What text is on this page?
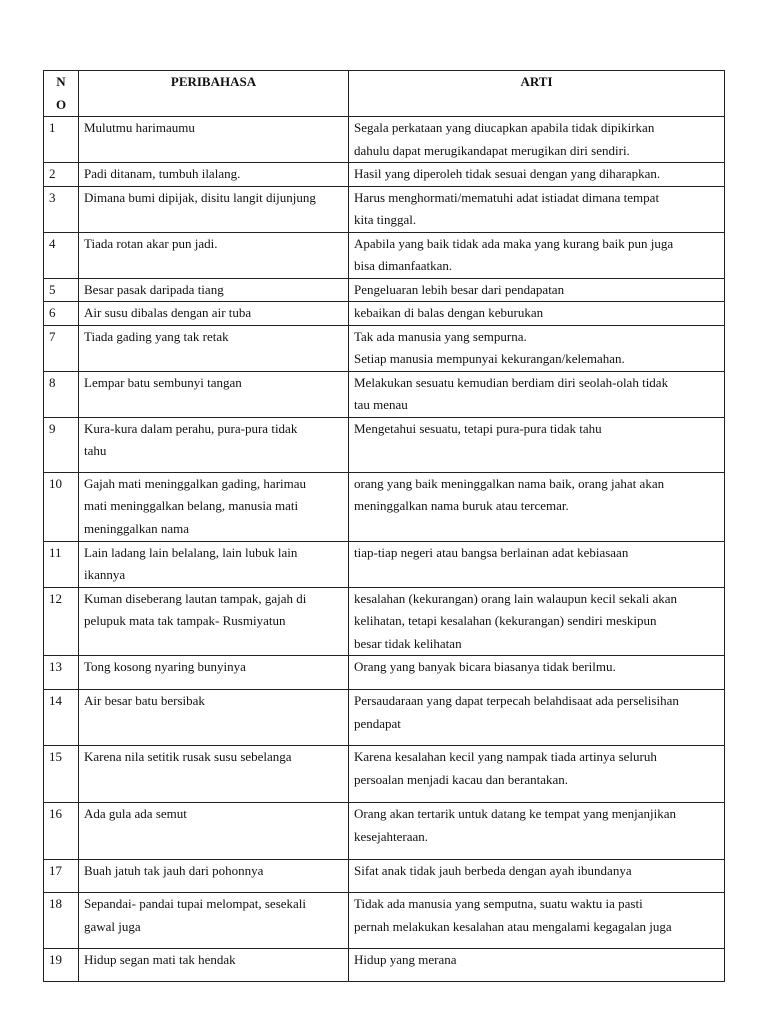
N
O	PERIBAHASA	ARTI
1	Mulutmu harimaumu	Segala perkataan yang diucapkan apabila tidak dipikirkan
dahulu dapat merugikandapat merugikan diri sendiri.

2	Padi ditanam, tumbuh ilalang.	Hasil yang diperoleh tidak sesuai dengan yang diharapkan.

3	Dimana bumi dipijak, disitu langit dijunjung	Harus menghormati/mematuhi adat istiadat dimana tempat
kita tinggal.

4	Tiada rotan akar pun jadi.	Apabila yang baik tidak ada maka yang kurang baik pun juga
bisa dimanfaatkan.

5	Besar pasak daripada tiang	Pengeluaran lebih besar dari pendapatan

6	Air susu dibalas dengan air tuba	kebaikan di balas dengan keburukan

7	Tiada gading yang tak retak	Tak ada manusia yang sempurna.
Setiap manusia mempunyai kekurangan/kelemahan.

8	Lempar batu sembunyi tangan	Melakukan sesuatu kemudian berdiam diri seolah-olah tidak
tau menau

9	Kura-kura dalam perahu, pura-pura tidak
tahu	Mengetahui sesuatu, tetapi pura-pura tidak tahu

10	Gajah mati meninggalkan gading, harimau
mati meninggalkan belang, manusia mati
meninggalkan nama	orang yang baik meninggalkan nama baik, orang jahat akan
meninggalkan nama buruk atau tercemar.

11	Lain ladang lain belalang, lain lubuk lain
ikannya	tiap-tiap negeri atau bangsa berlainan adat kebiasaan

12	Kuman diseberang lautan tampak, gajah di
pelupuk mata tak tampak- Rusmiyatun	kesalahan (kekurangan) orang lain walaupun kecil sekali akan
kelihatan, tetapi kesalahan (kekurangan) sendiri meskipun
besar tidak kelihatan

13	Tong kosong nyaring bunyinya	Orang yang banyak bicara biasanya tidak berilmu.

14	Air besar batu bersibak	Persaudaraan yang dapat terpecah belahdisaat ada perselisihan
pendapat

15	Karena nila setitik rusak susu sebelanga	Karena kesalahan kecil yang nampak tiada artinya seluruh
persoalan menjadi kacau dan berantakan.

16	Ada gula ada semut	Orang akan tertarik untuk datang ke tempat yang menjanjikan
kesejahteraan.

17	Buah jatuh tak jauh dari pohonnya	Sifat anak tidak jauh berbeda dengan ayah ibundanya

18	Sepandai- pandai tupai melompat, sesekali
gawal juga	Tidak ada manusia yang semputna, suatu waktu ia pasti
pernah melakukan kesalahan atau mengalami kegagalan juga

19	Hidup segan mati tak hendak	Hidup yang merana
